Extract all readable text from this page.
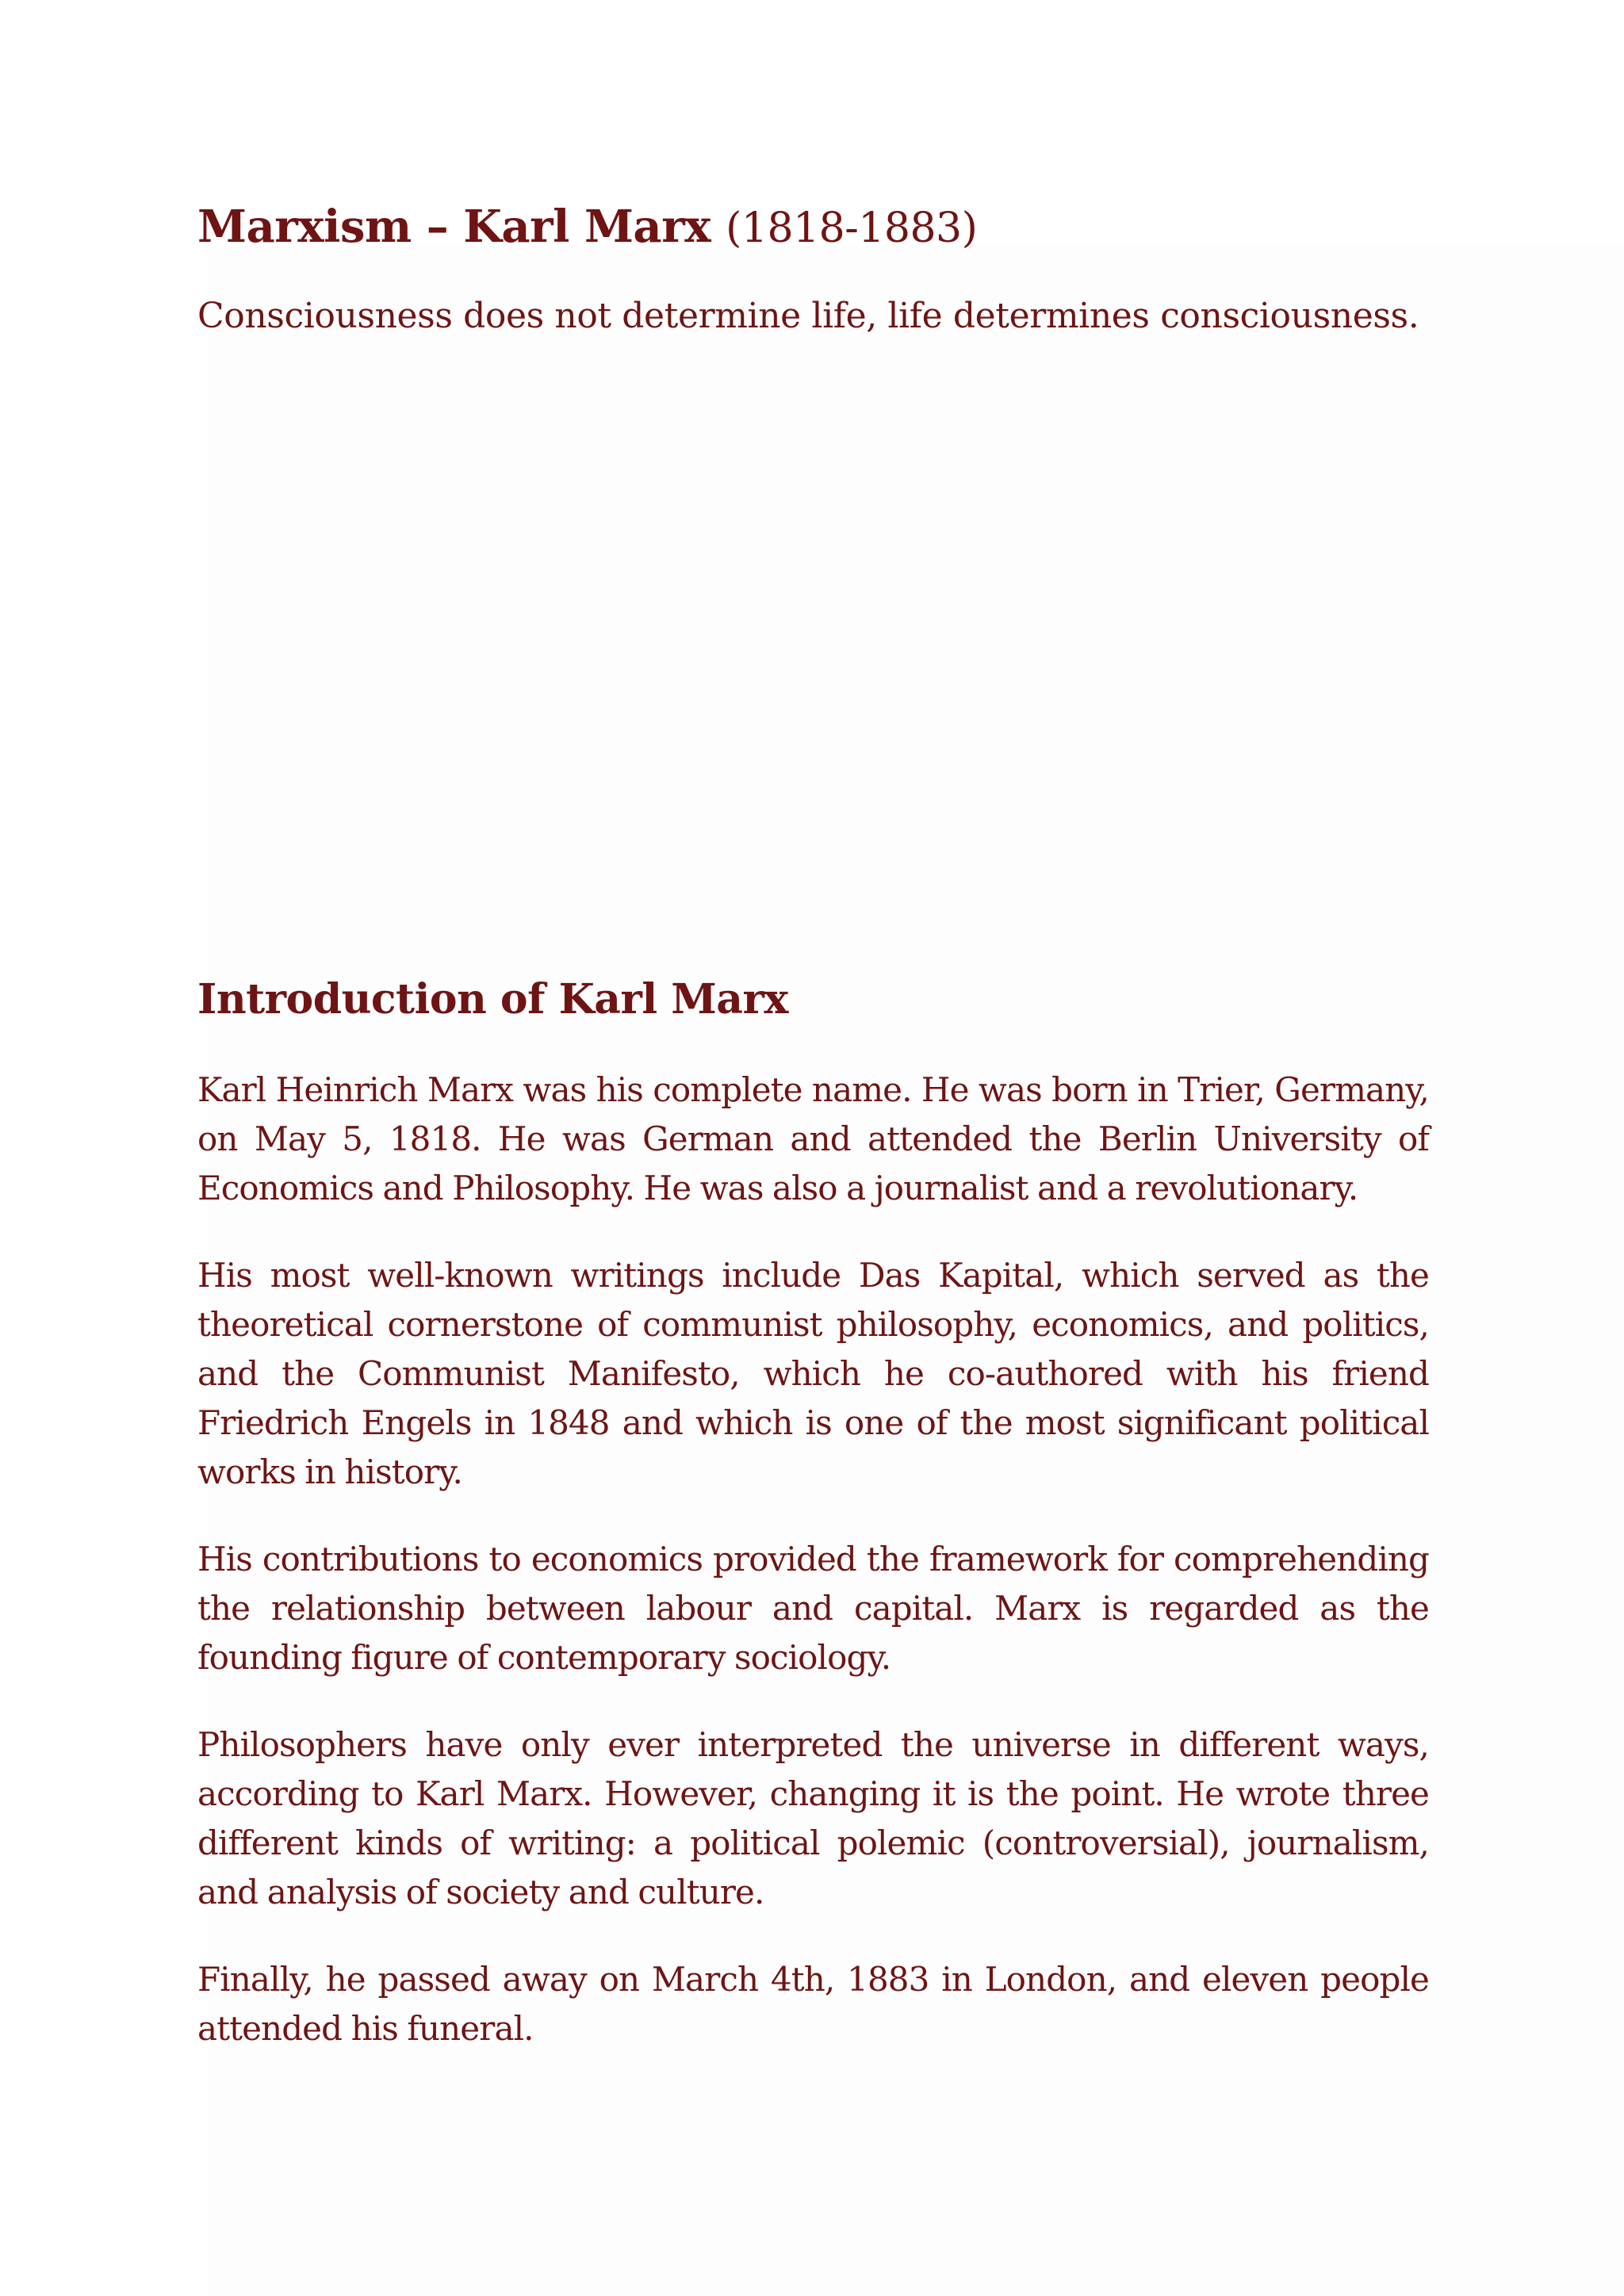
Marxism – Karl Marx (1818-1883)

Consciousness does not determine life, life determines consciousness.

Introduction of Karl Marx

Karl Heinrich Marx was his complete name. He was born in Trier, Germany, on May 5, 1818. He was German and attended the Berlin University of Economics and Philosophy. He was also a journalist and a revolutionary.

His most well-known writings include Das Kapital, which served as the theoretical cornerstone of communist philosophy, economics, and politics, and the Communist Manifesto, which he co-authored with his friend Friedrich Engels in 1848 and which is one of the most significant political works in history.

His contributions to economics provided the framework for comprehending the relationship between labour and capital. Marx is regarded as the founding figure of contemporary sociology.

Philosophers have only ever interpreted the universe in different ways, according to Karl Marx. However, changing it is the point. He wrote three different kinds of writing: a political polemic (controversial), journalism, and analysis of society and culture.

Finally, he passed away on March 4th, 1883 in London, and eleven people attended his funeral.
